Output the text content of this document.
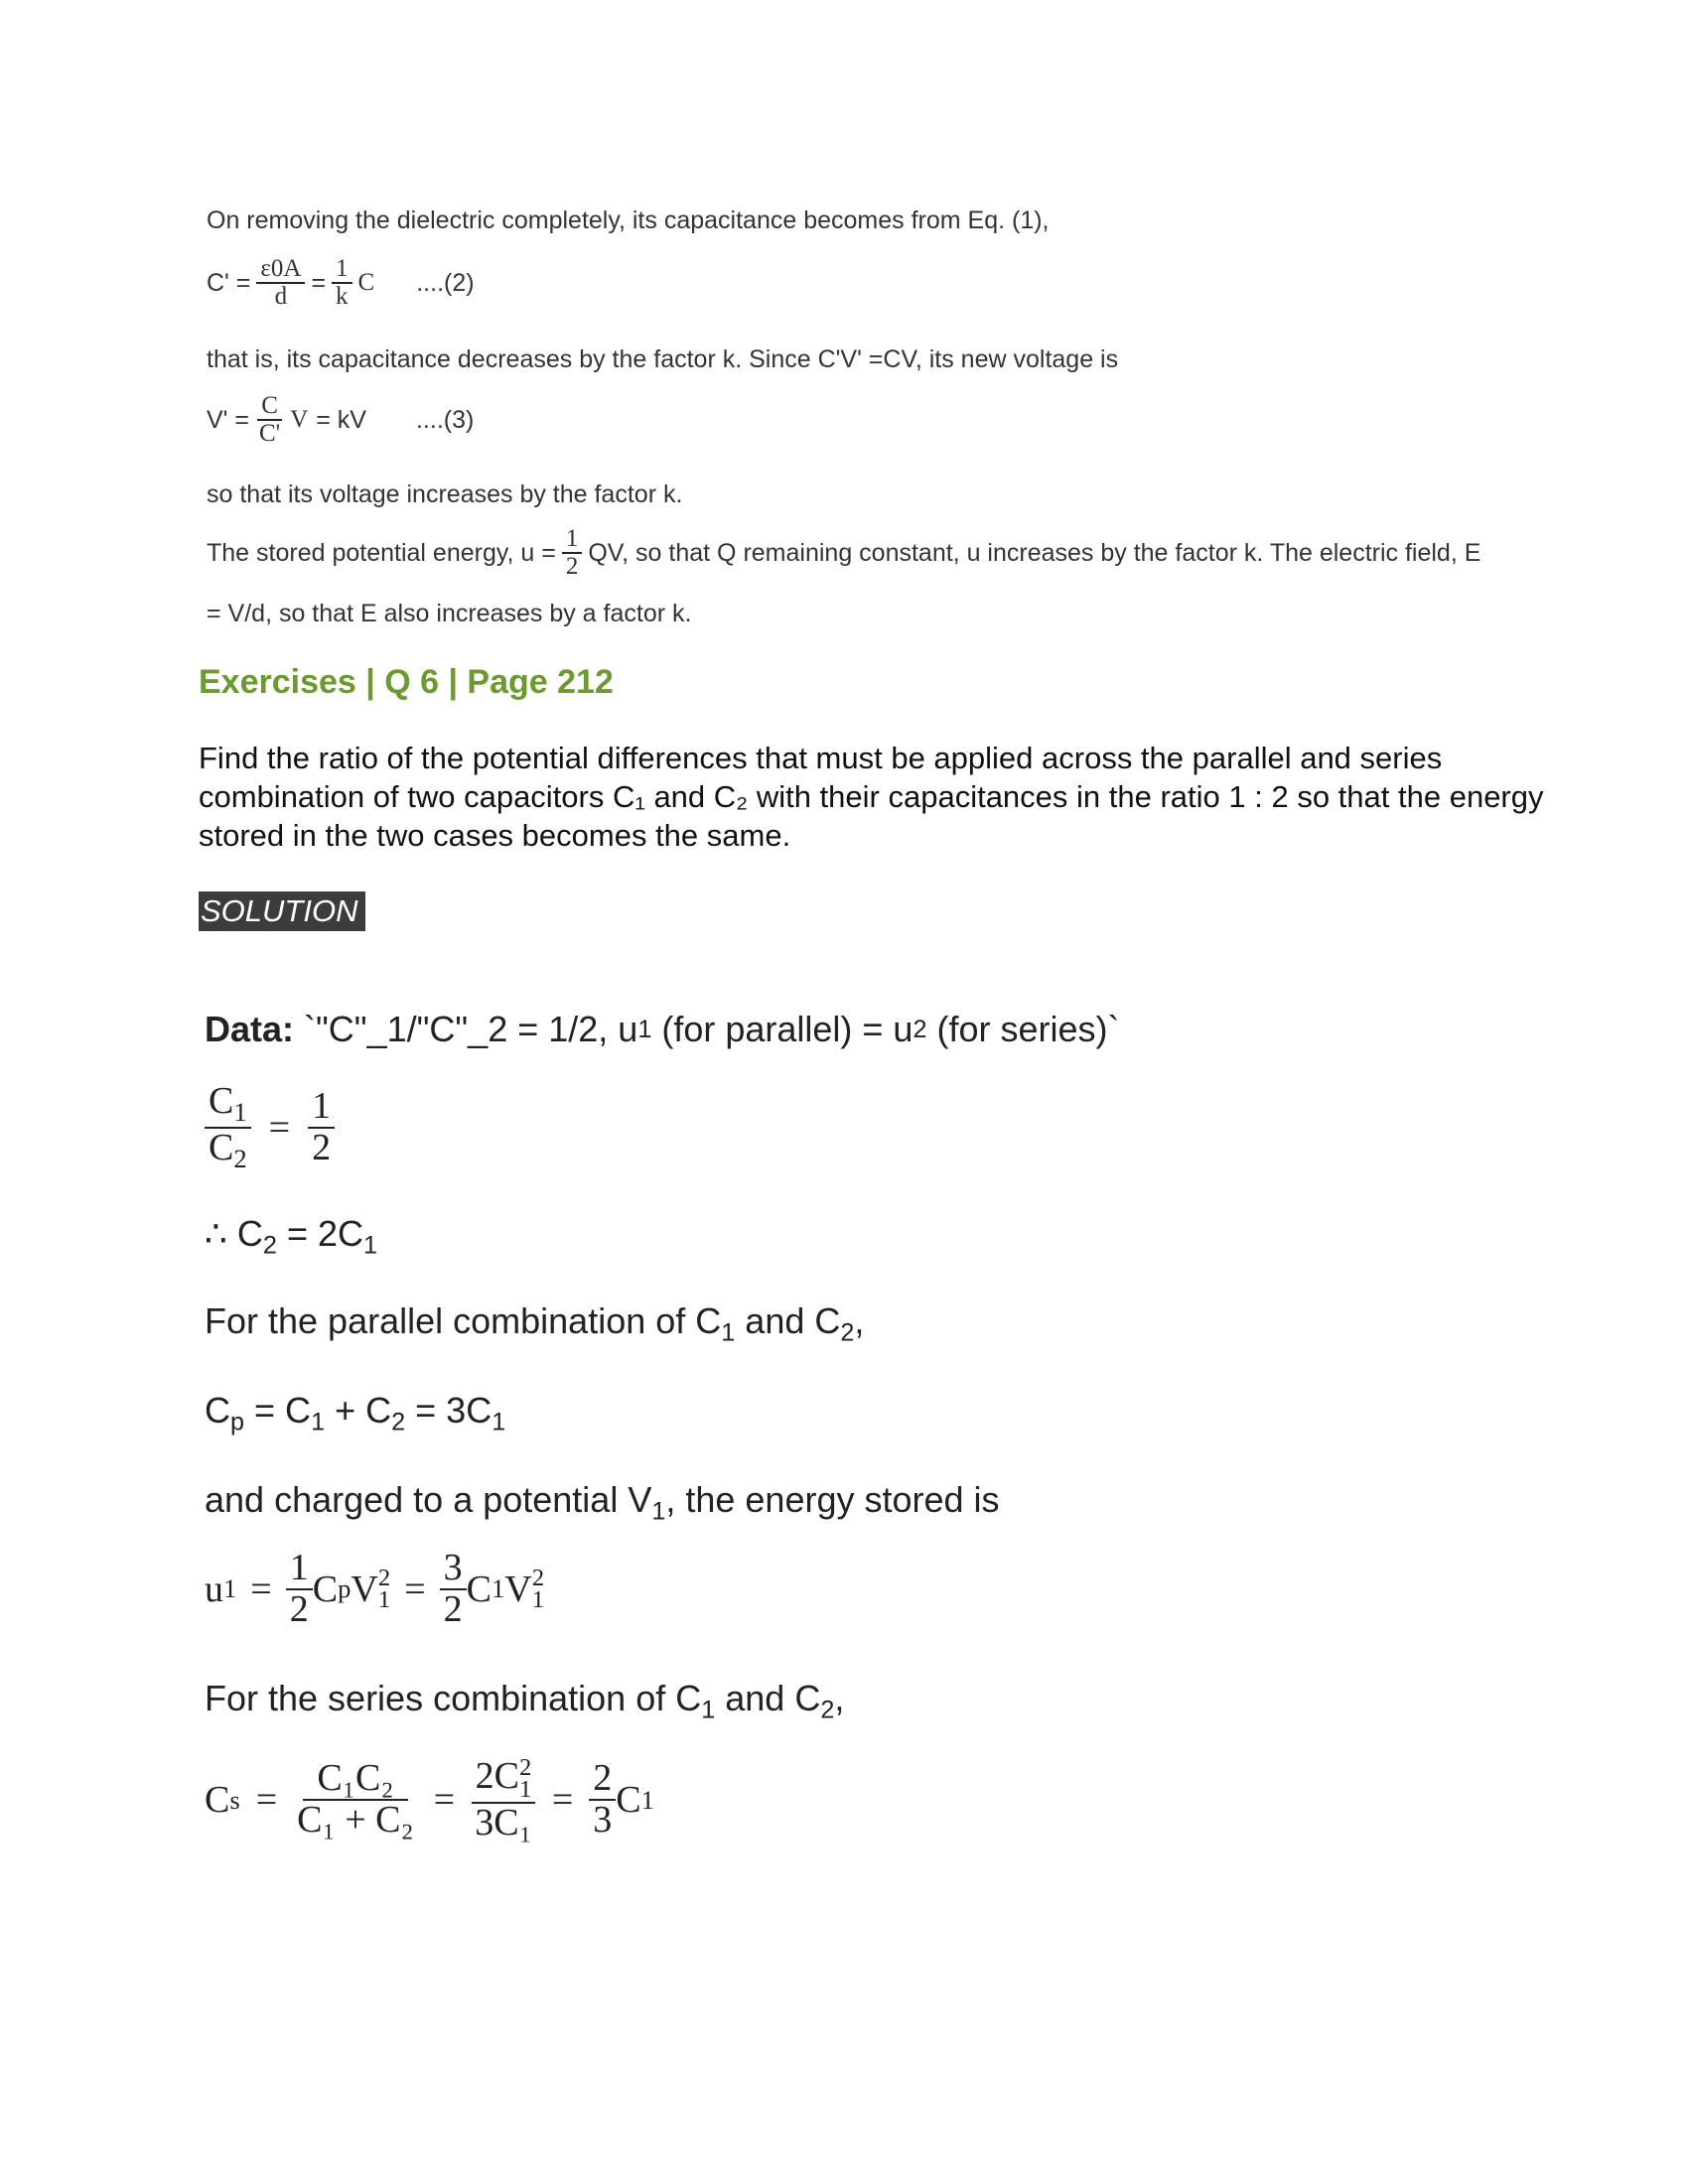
On removing the dielectric completely, its capacitance becomes from Eq. (1),
$C' = \frac{\varepsilon 0A}{d} = \frac{1}{k}$ C ....(2)
that is, its capacitance decreases by the factor k. Since C'V' =CV, its new voltage is
$V' = \frac{C}{C'}$ V = kV ....(3)
so that its voltage increases by the factor k.
The stored potential energy, $u = \frac{1}{2}$ QV, so that Q remaining constant, u increases by the factor k. The electric field, E
= V/d, so that E also increases by a factor k.
Exercises | Q 6 | Page 212
Find the ratio of the potential differences that must be applied across the parallel and series combination of two capacitors C₁ and C₂ with their capacitances in the ratio 1 : 2 so that the energy stored in the two cases becomes the same.
SOLUTION
Data: `"C"_1/"C"_2 = 1/2, u 1 (for parallel) = u 2 (for series)`
$\frac{C_1}{C_2} = \frac{1}{2}$
∴ $C_2 = 2C_1$
For the parallel combination of $C_1$ and $C_2$,
$C_p = C_1 + C_2 = 3C_1$
and charged to a potential $V_1$, the energy stored is
u $1 = \frac{1}{2}$ C p V 2
$1 = \frac{3}{2}$ C 1 V 2
1
For the series combination of $C_1$ and $C_2$,
C $s = \frac{\text{C₁C₂}}{\text{C₁ + C₂}} = 2C$ 2
1
$3C_1 = \frac{2}{3}$ C 1
